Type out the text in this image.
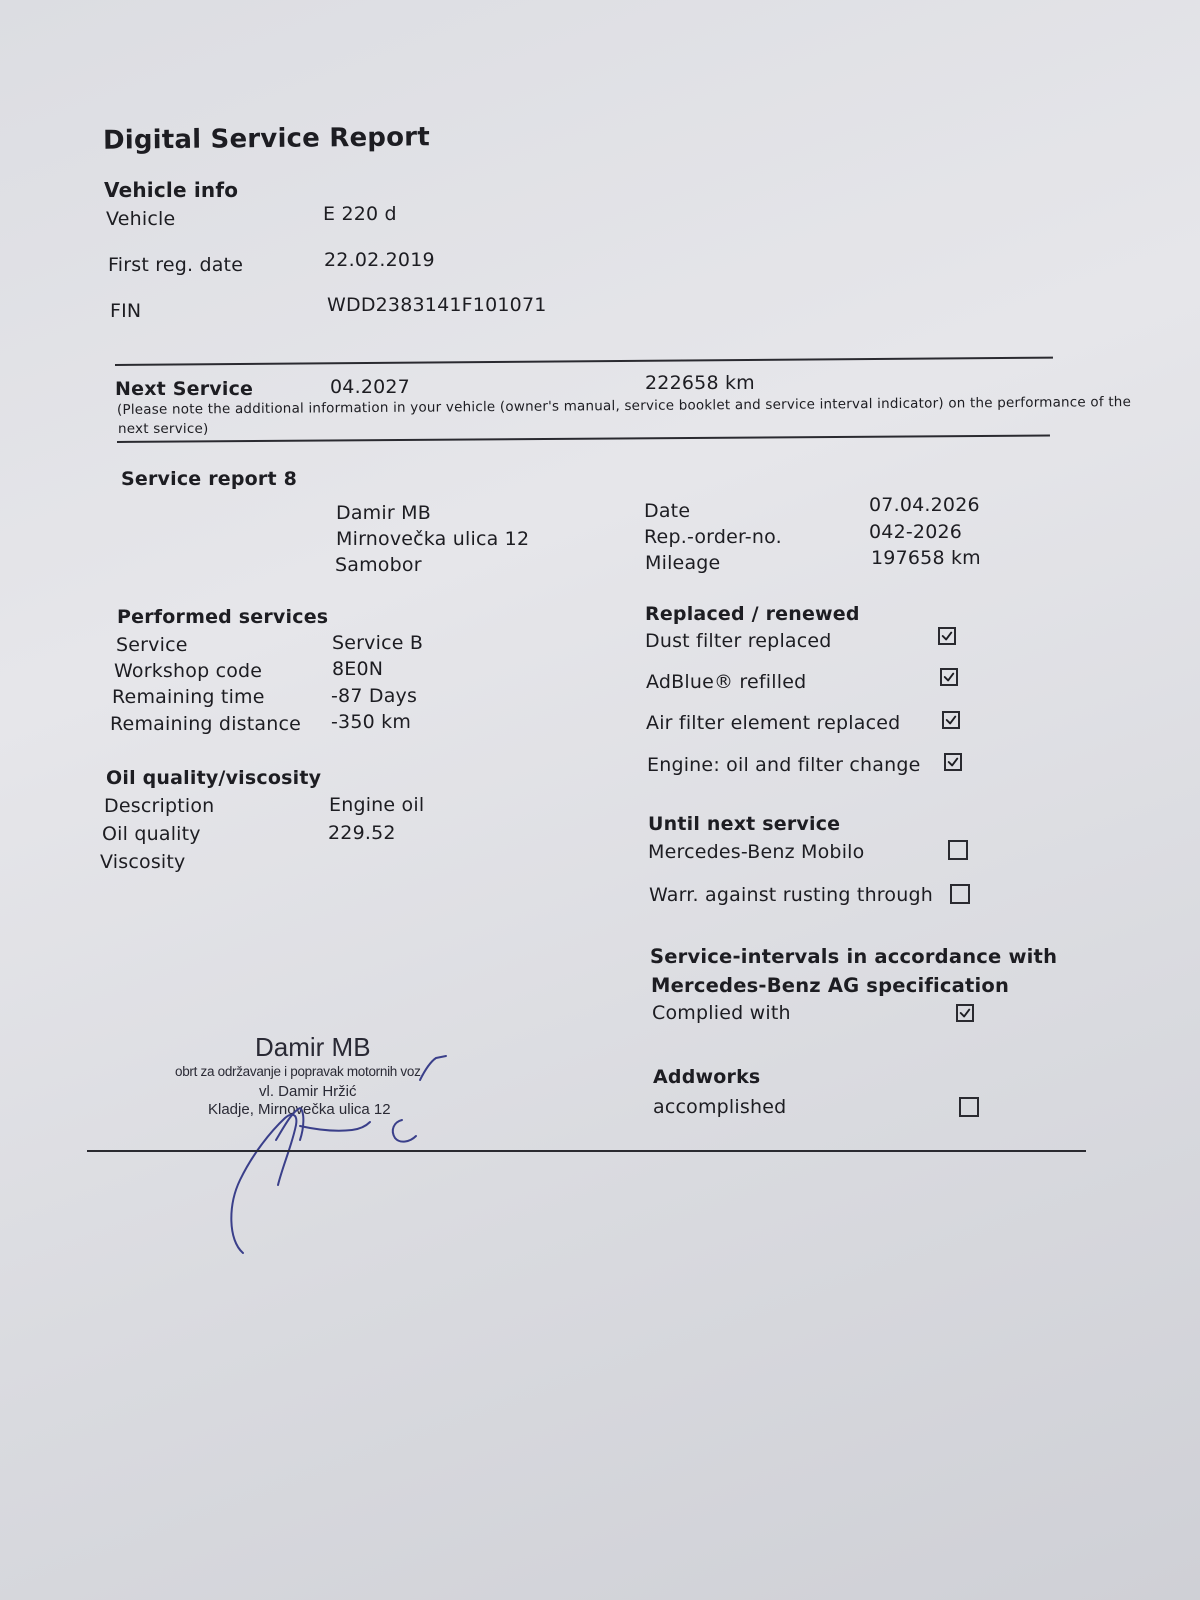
Digital Service Report
Vehicle info
Vehicle	E 220 d
First reg. date	22.02.2019
FIN	WDD2383141F101071
Next Service	04.2027	222658 km
(Please note the additional information in your vehicle (owner's manual, service booklet and service interval indicator) on the performance of the
next service)
Service report 8
Damir MB
Mirnovečka ulica 12
Samobor
Date	07.04.2026
Rep.-order-no.	042-2026
Mileage	197658 km
Performed services
Service	Service B
Workshop code	8E0N
Remaining time	-87 Days
Remaining distance -350 km
Oil quality/viscosity
Description	Engine oil
Oil quality	229.52
Viscosity
Replaced / renewed
Dust filter replaced
AdBlue® refilled
Air filter element replaced
Engine: oil and filter change
Until next service
Mercedes-Benz Mobilo
Warr. against rusting through
Service-intervals in accordance with
Mercedes-Benz AG specification
Complied with
Addworks
accomplished
Damir MB
obrt za održavanje i popravak motornih voz.
vl. Damir Hržić
Kladje, Mirnovečka ulica 12
